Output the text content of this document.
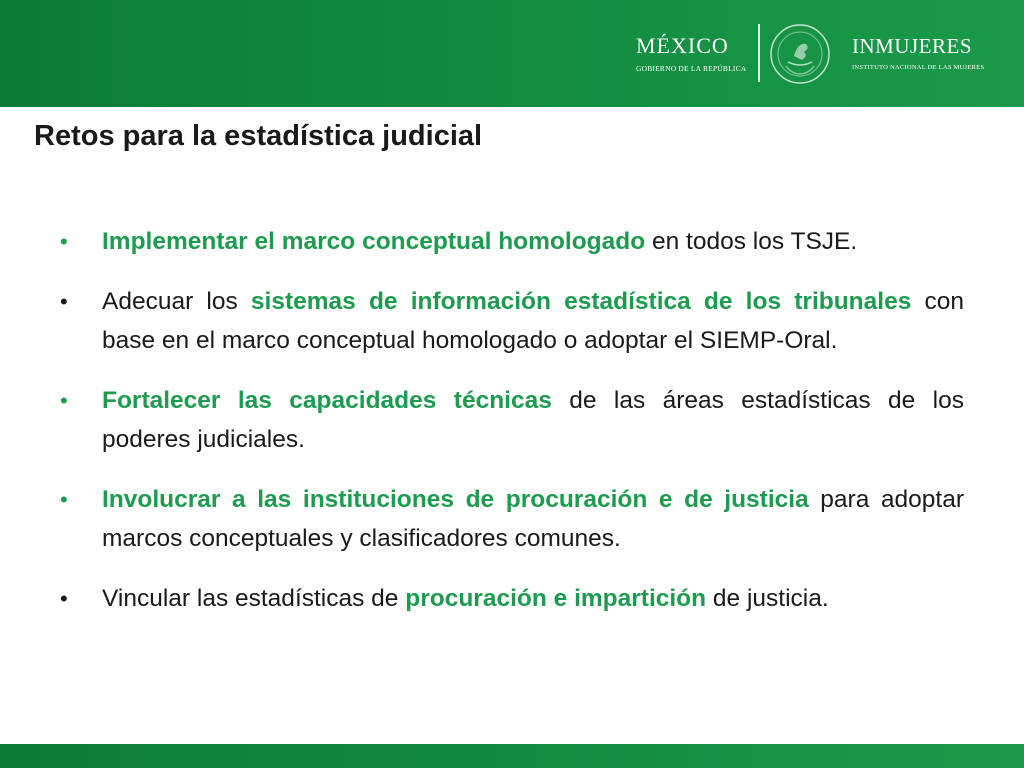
MÉXICO
GOBIERNO DE LA REPÚBLICA
INMUJERES
INSTITUTO NACIONAL DE LAS MUJERES
Retos para la estadística judicial
• Implementar el marco conceptual homologado en todos los TSJE.
• Adecuar los sistemas de información estadística de los tribunales con base en el marco conceptual homologado o adoptar el SIEMP-Oral.
• Fortalecer las capacidades técnicas de las áreas estadísticas de los poderes judiciales.
• Involucrar a las instituciones de procuración e de justicia para adoptar marcos conceptuales y clasificadores comunes.
• Vincular las estadísticas de procuración e impartición de justicia.
